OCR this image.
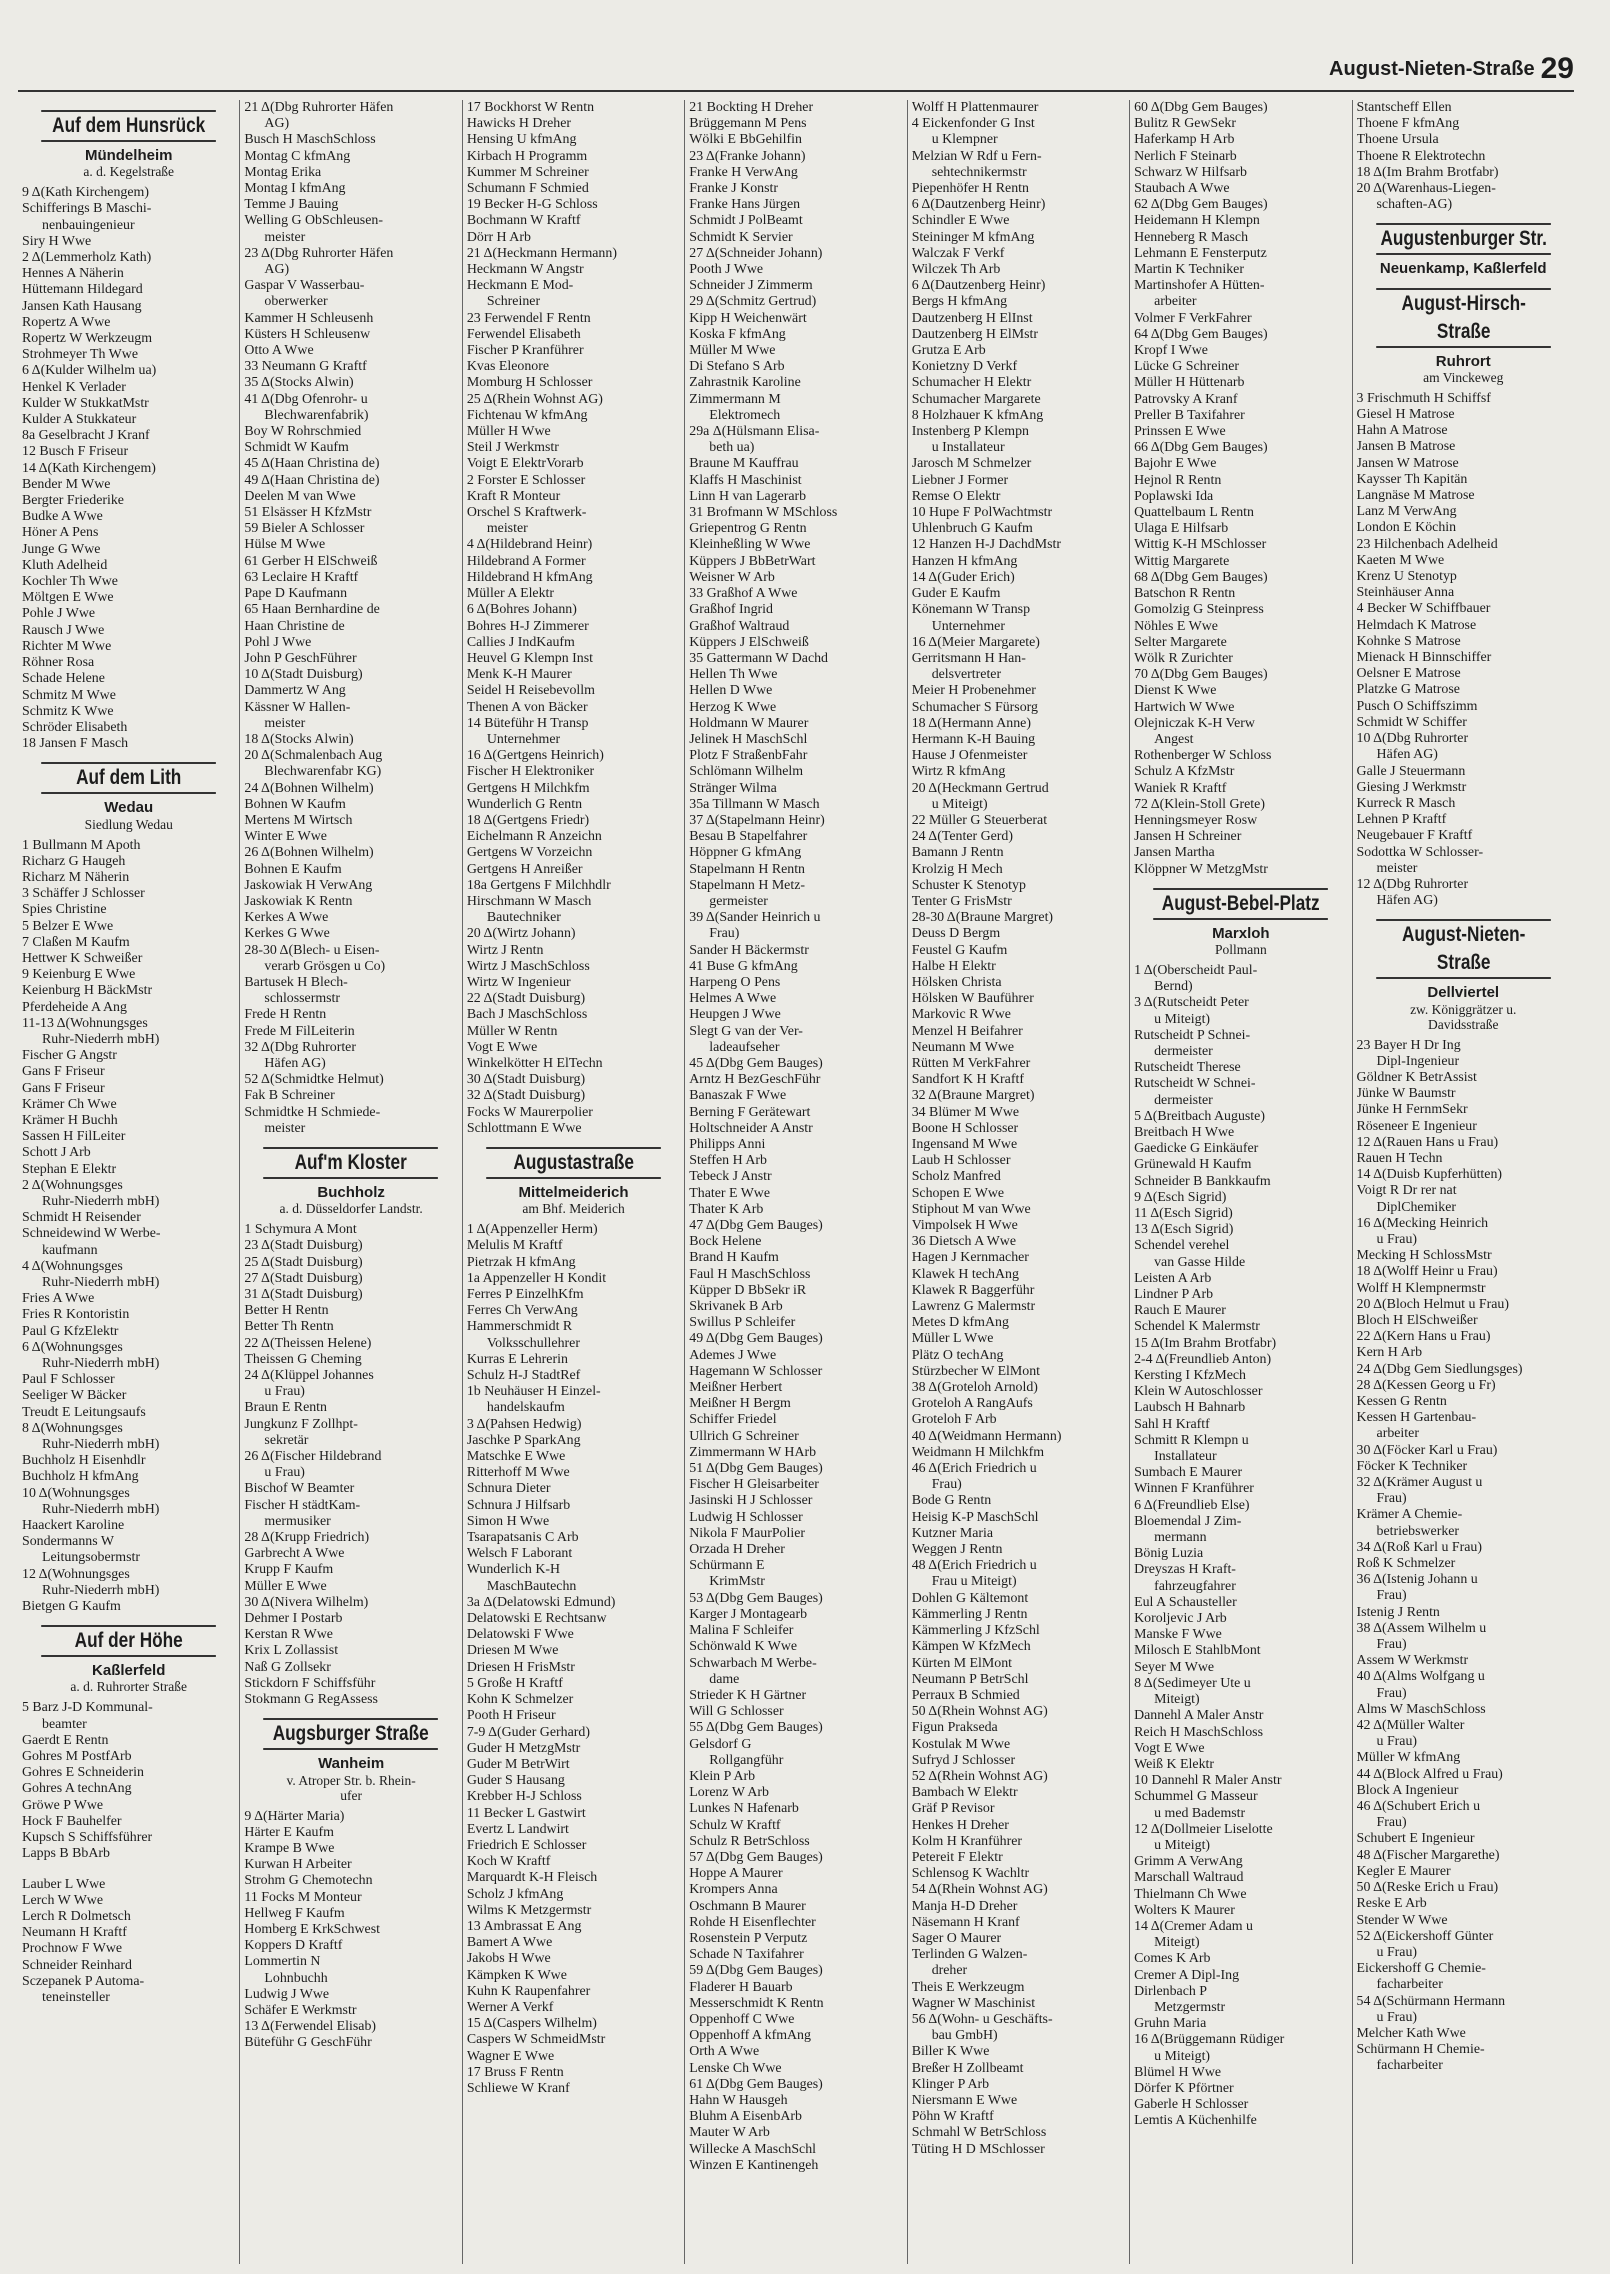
August-Nieten-Straße 29
Auf dem Hunsrück
Mündelheim
a. d. Kegelstraße
9 Δ(Kath Kirchengem)
Schifferings B Maschi-
nenbauingenieur
Siry H Wwe
2 Δ(Lemmerholz Kath)
Hennes A Näherin
Hüttemann Hildegard
Jansen Kath Hausang
Ropertz A Wwe
Ropertz W Werkzeugm
Strohmeyer Th Wwe
6 Δ(Kulder Wilhelm ua)
Henkel K Verlader
Kulder W StukkatMstr
Kulder A Stukkateur
8a Geselbracht J Kranf
12 Busch F Friseur
14 Δ(Kath Kirchengem)
Bender M Wwe
Bergter Friederike
Budke A Wwe
Höner A Pens
Junge G Wwe
Kluth Adelheid
Kochler Th Wwe
Möltgen E Wwe
Pohle J Wwe
Rausch J Wwe
Richter M Wwe
Röhner Rosa
Schade Helene
Schmitz M Wwe
Schmitz K Wwe
Schröder Elisabeth
18 Jansen F Masch
Auf dem Lith
Wedau
Siedlung Wedau
1 Bullmann M Apoth
Richarz G Haugeh
Richarz M Näherin
3 Schäffer J Schlosser
Spies Christine
5 Belzer E Wwe
7 Claßen M Kaufm
Hettwer K Schweißer
9 Keienburg E Wwe
Keienburg H BäckMstr
Pferdeheide A Ang
11-13 Δ(Wohnungsges
Ruhr-Niederrh mbH)
Fischer G Angstr
Gans F Friseur
Gans F Friseur
Krämer Ch Wwe
Krämer H Buchh
Sassen H FilLeiter
Schott J Arb
Stephan E Elektr
2 Δ(Wohnungsges
Ruhr-Niederrh mbH)
Schmidt H Reisender
Schneidewind W Werbe-
kaufmann
4 Δ(Wohnungsges
Ruhr-Niederrh mbH)
Fries A Wwe
Fries R Kontoristin
Paul G KfzElektr
6 Δ(Wohnungsges
Ruhr-Niederrh mbH)
Paul F Schlosser
Seeliger W Bäcker
Treudt E Leitungsaufs
8 Δ(Wohnungsges
Ruhr-Niederrh mbH)
Buchholz H Eisenhdlr
Buchholz H kfmAng
10 Δ(Wohnungsges
Ruhr-Niederrh mbH)
Haackert Karoline
Sondermanns W
Leitungsobermstr
12 Δ(Wohnungsges
Ruhr-Niederrh mbH)
Bietgen G Kaufm
Auf der Höhe
Kaßlerfeld
a. d. Ruhrorter Straße
5 Barz J-D Kommunal-
beamter
Gaerdt E Rentn
Gohres M PostfArb
Gohres E Schneiderin
Gohres A technAng
Gröwe P Wwe
Hock F Bauhelfer
Kupsch S Schiffsführer
Lapps B BbArb
Lauber L Wwe
Lerch W Wwe
Lerch R Dolmetsch
Neumann H Kraftf
Prochnow F Wwe
Schneider Reinhard
Sczepanek P Automa-
teneinsteller
21 Δ(Dbg Ruhrorter Häfen
AG)
Busch H MaschSchloss
Montag C kfmAng
Montag Erika
Montag I kfmAng
Temme J Bauing
Welling G ObSchleusen-
meister
23 Δ(Dbg Ruhrorter Häfen
AG)
Gaspar V Wasserbau-
oberwerker
Kammer H Schleusenh
Küsters H Schleusenw
Otto A Wwe
33 Neumann G Kraftf
35 Δ(Stocks Alwin)
41 Δ(Dbg Ofenrohr- u
Blechwarenfabrik)
Boy W Rohrschmied
Schmidt W Kaufm
45 Δ(Haan Christina de)
49 Δ(Haan Christina de)
Deelen M van Wwe
51 Elsässer H KfzMstr
59 Bieler A Schlosser
Hülse M Wwe
61 Gerber H ElSchweiß
63 Leclaire H Kraftf
Pape D Kaufmann
65 Haan Bernhardine de
Haan Christine de
Pohl J Wwe
John P GeschFührer
10 Δ(Stadt Duisburg)
Dammertz W Ang
Kässner W Hallen-
meister
18 Δ(Stocks Alwin)
20 Δ(Schmalenbach Aug
Blechwarenfabr KG)
24 Δ(Bohnen Wilhelm)
Bohnen W Kaufm
Mertens M Wirtsch
Winter E Wwe
26 Δ(Bohnen Wilhelm)
Bohnen E Kaufm
Jaskowiak H VerwAng
Jaskowiak K Rentn
Kerkes A Wwe
Kerkes G Wwe
28-30 Δ(Blech- u Eisen-
verarb Grösgen u Co)
Bartusek H Blech-
schlossermstr
Frede H Rentn
Frede M FilLeiterin
32 Δ(Dbg Ruhrorter
Häfen AG)
52 Δ(Schmidtke Helmut)
Fak B Schreiner
Schmidtke H Schmiede-
meister
Auf'm Kloster
Buchholz
a. d. Düsseldorfer Landstr.
1 Schymura A Mont
23 Δ(Stadt Duisburg)
25 Δ(Stadt Duisburg)
27 Δ(Stadt Duisburg)
31 Δ(Stadt Duisburg)
Better H Rentn
Better Th Rentn
22 Δ(Theissen Helene)
Theissen G Cheming
24 Δ(Klüppel Johannes
u Frau)
Braun E Rentn
Jungkunz F Zollhpt-
sekretär
26 Δ(Fischer Hildebrand
u Frau)
Bischof W Beamter
Fischer H städtKam-
mermusiker
28 Δ(Krupp Friedrich)
Garbrecht A Wwe
Krupp F Kaufm
Müller E Wwe
30 Δ(Nivera Wilhelm)
Dehmer I Postarb
Kerstan R Wwe
Krix L Zollassist
Naß G Zollsekr
Stickdorn F Schiffsführ
Stokmann G RegAssess
Augsburger Straße
Wanheim
v. Atroper Str. b. Rhein-
ufer
9 Δ(Härter Maria)
Härter E Kaufm
Krampe B Wwe
Kurwan H Arbeiter
Strohm G Chemotechn
11 Focks M Monteur
Hellweg F Kaufm
Homberg E KrkSchwest
Koppers D Kraftf
Lommertin N
Lohnbuchh
Ludwig J Wwe
Schäfer E Werkmstr
13 Δ(Ferwendel Elisab)
Büteführ G GeschFühr
17 Bockhorst W Rentn
Hawicks H Dreher
Hensing U kfmAng
Kirbach H Programm
Kummer M Schreiner
Schumann F Schmied
19 Becker H-G Schloss
Bochmann W Kraftf
Dörr H Arb
21 Δ(Heckmann Hermann)
Heckmann W Angstr
Heckmann E Mod-
Schreiner
23 Ferwendel F Rentn
Ferwendel Elisabeth
Fischer P Kranführer
Kvas Eleonore
Momburg H Schlosser
25 Δ(Rhein Wohnst AG)
Fichtenau W kfmAng
Müller H Wwe
Steil J Werkmstr
Voigt E ElektrVorarb
2 Forster E Schlosser
Kraft R Monteur
Orschel S Kraftwerk-
meister
4 Δ(Hildebrand Heinr)
Hildebrand A Former
Hildebrand H kfmAng
Müller A Elektr
6 Δ(Bohres Johann)
Bohres H-J Zimmerer
Callies J IndKaufm
Heuvel G Klempn Inst
Menk K-H Maurer
Seidel H Reisebevollm
Thenen A von Bäcker
14 Büteführ H Transp
Unternehmer
16 Δ(Gertgens Heinrich)
Fischer H Elektroniker
Gertgens H Milchkfm
Wunderlich G Rentn
18 Δ(Gertgens Friedr)
Eichelmann R Anzeichn
Gertgens W Vorzeichn
Gertgens H Anreißer
18a Gertgens F Milchhdlr
Hirschmann W Masch
Bautechniker
20 Δ(Wirtz Johann)
Wirtz J Rentn
Wirtz J MaschSchloss
Wirtz W Ingenieur
22 Δ(Stadt Duisburg)
Bach J MaschSchloss
Müller W Rentn
Vogt E Wwe
Winkelkötter H ElTechn
30 Δ(Stadt Duisburg)
32 Δ(Stadt Duisburg)
Focks W Maurerpolier
Schlottmann E Wwe
Augustastraße
Mittelmeiderich
am Bhf. Meiderich
1 Δ(Appenzeller Herm)
Melulis M Kraftf
Pietrzak H kfmAng
1a Appenzeller H Kondit
Ferres P EinzelhKfm
Ferres Ch VerwAng
Hammerschmidt R
Volksschullehrer
Kurras E Lehrerin
Schulz H-J StadtRef
1b Neuhäuser H Einzel-
handelskaufm
3 Δ(Pahsen Hedwig)
Jaschke P SparkAng
Matschke E Wwe
Ritterhoff M Wwe
Schnura Dieter
Schnura J Hilfsarb
Simon H Wwe
Tsarapatsanis C Arb
Welsch F Laborant
Wunderlich K-H
MaschBautechn
3a Δ(Delatowski Edmund)
Delatowski E Rechtsanw
Delatowski F Wwe
Driesen M Wwe
Driesen H FrisMstr
5 Große H Kraftf
Kohn K Schmelzer
Pooth H Friseur
7-9 Δ(Guder Gerhard)
Guder H MetzgMstr
Guder M BetrWirt
Guder S Hausang
Krebber H-J Schloss
11 Becker L Gastwirt
Evertz L Landwirt
Friedrich E Schlosser
Koch W Kraftf
Marquardt K-H Fleisch
Scholz J kfmAng
Wilms K Metzgermstr
13 Ambrassat E Ang
Bamert A Wwe
Jakobs H Wwe
Kämpken K Wwe
Kuhn K Raupenfahrer
Werner A Verkf
15 Δ(Caspers Wilhelm)
Caspers W SchmeidMstr
Wagner E Wwe
17 Bruss F Rentn
Schliewe W Kranf
21 Bockting H Dreher
Brüggemann M Pens
Wölki E BbGehilfin
23 Δ(Franke Johann)
Franke H VerwAng
Franke J Konstr
Franke Hans Jürgen
Schmidt J PolBeamt
Schmidt K Servier
27 Δ(Schneider Johann)
Pooth J Wwe
Schneider J Zimmerm
29 Δ(Schmitz Gertrud)
Kipp H Weichenwärt
Koska F kfmAng
Müller M Wwe
Di Stefano S Arb
Zahrastnik Karoline
Zimmermann M
Elektromech
29a Δ(Hülsmann Elisa-
beth ua)
Braune M Kauffrau
Klaffs H Maschinist
Linn H van Lagerarb
31 Brofmann W MSchloss
Griepentrog G Rentn
Kleinheßling W Wwe
Küppers J BbBetrWart
Weisner W Arb
33 Graßhof A Wwe
Graßhof Ingrid
Graßhof Waltraud
Küppers J ElSchweiß
35 Gattermann W Dachd
Hellen Th Wwe
Hellen D Wwe
Herzog K Wwe
Holdmann W Maurer
Jelinek H MaschSchl
Plotz F StraßenbFahr
Schlömann Wilhelm
Stränger Wilma
35a Tillmann W Masch
37 Δ(Stapelmann Heinr)
Besau B Stapelfahrer
Höppner G kfmAng
Stapelmann H Rentn
Stapelmann H Metz-
germeister
39 Δ(Sander Heinrich u
Frau)
Sander H Bäckermstr
41 Buse G kfmAng
Harpeng O Pens
Helmes A Wwe
Heupgen J Wwe
Slegt G van der Ver-
ladeaufseher
45 Δ(Dbg Gem Bauges)
Arntz H BezGeschFühr
Banaszak F Wwe
Berning F Gerätewart
Holtschneider A Anstr
Philipps Anni
Steffen H Arb
Tebeck J Anstr
Thater E Wwe
Thater K Arb
47 Δ(Dbg Gem Bauges)
Bock Helene
Brand H Kaufm
Faul H MaschSchloss
Küpper D BbSekr iR
Skrivanek B Arb
Swillus P Schleifer
49 Δ(Dbg Gem Bauges)
Ademes J Wwe
Hagemann W Schlosser
Meißner Herbert
Meißner H Bergm
Schiffer Friedel
Ullrich G Schreiner
Zimmermann W HArb
51 Δ(Dbg Gem Bauges)
Fischer H Gleisarbeiter
Jasinski H J Schlosser
Ludwig H Schlosser
Nikola F MaurPolier
Orzada H Dreher
Schürmann E
KrimMstr
53 Δ(Dbg Gem Bauges)
Karger J Montagearb
Malina F Schleifer
Schönwald K Wwe
Schwarbach M Werbe-
dame
Strieder K H Gärtner
Will G Schlosser
55 Δ(Dbg Gem Bauges)
Gelsdorf G
Rollgangführ
Klein P Arb
Lorenz W Arb
Lunkes N Hafenarb
Schulz W Kraftf
Schulz R BetrSchloss
57 Δ(Dbg Gem Bauges)
Hoppe A Maurer
Krompers Anna
Oschmann B Maurer
Rohde H Eisenflechter
Rosenstein P Verputz
Schade N Taxifahrer
59 Δ(Dbg Gem Bauges)
Fladerer H Bauarb
Messerschmidt K Rentn
Oppenhoff C Wwe
Oppenhoff A kfmAng
Orth A Wwe
Lenske Ch Wwe
61 Δ(Dbg Gem Bauges)
Hahn W Hausgeh
Bluhm A EisenbArb
Mauter W Arb
Willecke A MaschSchl
Winzen E Kantinengeh
Wolff H Plattenmaurer
4 Eickenfonder G Inst
u Klempner
Melzian W Rdf u Fern-
sehtechnikermstr
Piepenhöfer H Rentn
6 Δ(Dautzenberg Heinr)
Schindler E Wwe
Steininger M kfmAng
Walczak F Verkf
Wilczek Th Arb
6 Δ(Dautzenberg Heinr)
Bergs H kfmAng
Dautzenberg H ElInst
Dautzenberg H ElMstr
Grutza E Arb
Konietzny D Verkf
Schumacher H Elektr
Schumacher Margarete
8 Holzhauer K kfmAng
Instenberg P Klempn
u Installateur
Jarosch M Schmelzer
Liebner J Former
Remse O Elektr
10 Hupe F PolWachtmstr
Uhlenbruch G Kaufm
12 Hanzen H-J DachdMstr
Hanzen H kfmAng
14 Δ(Guder Erich)
Guder E Kaufm
Könemann W Transp
Unternehmer
16 Δ(Meier Margarete)
Gerritsmann H Han-
delsvertreter
Meier H Probenehmer
Schumacher S Fürsorg
18 Δ(Hermann Anne)
Hermann K-H Bauing
Hause J Ofenmeister
Wirtz R kfmAng
20 Δ(Heckmann Gertrud
u Miteigt)
22 Müller G Steuerberat
24 Δ(Tenter Gerd)
Bamann J Rentn
Krolzig H Mech
Schuster K Stenotyp
Tenter G FrisMstr
28-30 Δ(Braune Margret)
Deuss D Bergm
Feustel G Kaufm
Halbe H Elektr
Hölsken Christa
Hölsken W Bauführer
Markovic R Wwe
Menzel H Beifahrer
Neumann M Wwe
Rütten M VerkFahrer
Sandfort K H Kraftf
32 Δ(Braune Margret)
34 Blümer M Wwe
Boone H Schlosser
Ingensand M Wwe
Laub H Schlosser
Scholz Manfred
Schopen E Wwe
Stiphout M van Wwe
Vimpolsek H Wwe
36 Dietsch A Wwe
Hagen J Kernmacher
Klawek H techAng
Klawek R Baggerführ
Lawrenz G Malermstr
Metes D kfmAng
Müller L Wwe
Plätz O techAng
Stürzbecher W ElMont
38 Δ(Groteloh Arnold)
Groteloh A RangAufs
Groteloh F Arb
40 Δ(Weidmann Hermann)
Weidmann H Milchkfm
46 Δ(Erich Friedrich u
Frau)
Bode G Rentn
Heisig K-P MaschSchl
Kutzner Maria
Weggen J Rentn
48 Δ(Erich Friedrich u
Frau u Miteigt)
Dohlen G Kältemont
Kämmerling J Rentn
Kämmerling J KfzSchl
Kämpen W KfzMech
Kürten M ElMont
Neumann P BetrSchl
Perraux B Schmied
50 Δ(Rhein Wohnst AG)
Figun Prakseda
Kostulak M Wwe
Sufryd J Schlosser
52 Δ(Rhein Wohnst AG)
Bambach W Elektr
Gräf P Revisor
Henkes H Dreher
Kolm H Kranführer
Petereit F Elektr
Schlensog K Wachltr
54 Δ(Rhein Wohnst AG)
Manja H-D Dreher
Näsemann H Kranf
Sager O Maurer
Terlinden G Walzen-
dreher
Theis E Werkzeugm
Wagner W Maschinist
56 Δ(Wohn- u Geschäfts-
bau GmbH)
Biller K Wwe
Breßer H Zollbeamt
Klinger P Arb
Niersmann E Wwe
Pöhn W Kraftf
Schmahl W BetrSchloss
Tüting H D MSchlosser
60 Δ(Dbg Gem Bauges)
Bulitz R GewSekr
Haferkamp H Arb
Nerlich F Steinarb
Schwarz W Hilfsarb
Staubach A Wwe
62 Δ(Dbg Gem Bauges)
Heidemann H Klempn
Henneberg R Masch
Lehmann E Fensterputz
Martin K Techniker
Martinshofer A Hütten-
arbeiter
Volmer F VerkFahrer
64 Δ(Dbg Gem Bauges)
Kropf I Wwe
Lücke G Schreiner
Müller H Hüttenarb
Patrovsky A Kranf
Preller B Taxifahrer
Prinssen E Wwe
66 Δ(Dbg Gem Bauges)
Bajohr E Wwe
Hejnol R Rentn
Poplawski Ida
Quattelbaum L Rentn
Ulaga E Hilfsarb
Wittig K-H MSchlosser
Wittig Margarete
68 Δ(Dbg Gem Bauges)
Batschon R Rentn
Gomolzig G Steinpress
Nöhles E Wwe
Selter Margarete
Wölk R Zurichter
70 Δ(Dbg Gem Bauges)
Dienst K Wwe
Hartwich W Wwe
Olejniczak K-H Verw
Angest
Rothenberger W Schloss
Schulz A KfzMstr
Waniek R Kraftf
72 Δ(Klein-Stoll Grete)
Henningsmeyer Rosw
Jansen H Schreiner
Jansen Martha
Klöppner W MetzgMstr
August-Bebel-Platz
Marxloh
Pollmann
1 Δ(Oberscheidt Paul-
Bernd)
3 Δ(Rutscheidt Peter
u Miteigt)
Rutscheidt P Schnei-
dermeister
Rutscheidt Therese
Rutscheidt W Schnei-
dermeister
5 Δ(Breitbach Auguste)
Breitbach H Wwe
Gaedicke G Einkäufer
Grünewald H Kaufm
Schneider B Bankkaufm
9 Δ(Esch Sigrid)
11 Δ(Esch Sigrid)
13 Δ(Esch Sigrid)
Schendel verehel
van Gasse Hilde
Leisten A Arb
Lindner P Arb
Rauch E Maurer
Schendel K Malermstr
15 Δ(Im Brahm Brotfabr)
2-4 Δ(Freundlieb Anton)
Kersting I KfzMech
Klein W Autoschlosser
Laubsch H Bahnarb
Sahl H Kraftf
Schmitt R Klempn u
Installateur
Sumbach E Maurer
Winnen F Kranführer
6 Δ(Freundlieb Else)
Bloemendal J Zim-
mermann
Bönig Luzia
Dreyszas H Kraft-
fahrzeugfahrer
Eul A Schausteller
Koroljevic J Arb
Manske F Wwe
Milosch E StahlbMont
Seyer M Wwe
8 Δ(Sedimeyer Ute u
Miteigt)
Dannehl A Maler Anstr
Reich H MaschSchloss
Vogt E Wwe
Weiß K Elektr
10 Dannehl R Maler Anstr
Schummel G Masseur
u med Bademstr
12 Δ(Dollmeier Liselotte
u Miteigt)
Grimm A VerwAng
Marschall Waltraud
Thielmann Ch Wwe
Wolters K Maurer
14 Δ(Cremer Adam u
Miteigt)
Comes K Arb
Cremer A Dipl-Ing
Dirlenbach P
Metzgermstr
Gruhn Maria
16 Δ(Brüggemann Rüdiger
u Miteigt)
Blümel H Wwe
Dörfer K Pförtner
Gaberle H Schlosser
Lemtis A Küchenhilfe
Stantscheff Ellen
Thoene F kfmAng
Thoene Ursula
Thoene R Elektrotechn
18 Δ(Im Brahm Brotfabr)
20 Δ(Warenhaus-Liegen-
schaften-AG)
Augustenburger Str.
Neuenkamp, Kaßlerfeld
August-Hirsch-Straße
Ruhrort
am Vinckeweg
3 Frischmuth H Schiffsf
Giesel H Matrose
Hahn A Matrose
Jansen B Matrose
Jansen W Matrose
Kaysser Th Kapitän
Langnäse M Matrose
Lanz M VerwAng
London E Köchin
23 Hilchenbach Adelheid
Kaeten M Wwe
Krenz U Stenotyp
Steinhäuser Anna
4 Becker W Schiffbauer
Helmdach K Matrose
Kohnke S Matrose
Mienack H Binnschiffer
Oelsner E Matrose
Platzke G Matrose
Pusch O Schiffszimm
Schmidt W Schiffer
10 Δ(Dbg Ruhrorter
Häfen AG)
Galle J Steuermann
Giesing J Werkmstr
Kurreck R Masch
Lehnen P Kraftf
Neugebauer F Kraftf
Sodottka W Schlosser-
meister
12 Δ(Dbg Ruhrorter
Häfen AG)
August-Nieten-Straße
Dellviertel
zw. Königgrätzer u.
Davidsstraße
23 Bayer H Dr Ing
Dipl-Ingenieur
Göldner K BetrAssist
Jünke W Baumstr
Jünke H FernmSekr
Röseneer E Ingenieur
12 Δ(Rauen Hans u Frau)
Rauen H Techn
14 Δ(Duisb Kupferhütten)
Voigt R Dr rer nat
DiplChemiker
16 Δ(Mecking Heinrich
u Frau)
Mecking H SchlossMstr
18 Δ(Wolff Heinr u Frau)
Wolff H Klempnermstr
20 Δ(Bloch Helmut u Frau)
Bloch H ElSchweißer
22 Δ(Kern Hans u Frau)
Kern H Arb
24 Δ(Dbg Gem Siedlungsges)
28 Δ(Kessen Georg u Fr)
Kessen G Rentn
Kessen H Gartenbau-
arbeiter
30 Δ(Föcker Karl u Frau)
Föcker K Techniker
32 Δ(Krämer August u
Frau)
Krämer A Chemie-
betriebswerker
34 Δ(Roß Karl u Frau)
Roß K Schmelzer
36 Δ(Istenig Johann u
Frau)
Istenig J Rentn
38 Δ(Assem Wilhelm u
Frau)
Assem W Werkmstr
40 Δ(Alms Wolfgang u
Frau)
Alms W MaschSchloss
42 Δ(Müller Walter
u Frau)
Müller W kfmAng
44 Δ(Block Alfred u Frau)
Block A Ingenieur
46 Δ(Schubert Erich u
Frau)
Schubert E Ingenieur
48 Δ(Fischer Margarethe)
Kegler E Maurer
50 Δ(Reske Erich u Frau)
Reske E Arb
Stender W Wwe
52 Δ(Eickershoff Günter
u Frau)
Eickershoff G Chemie-
facharbeiter
54 Δ(Schürmann Hermann
u Frau)
Melcher Kath Wwe
Schürmann H Chemie-
facharbeiter
